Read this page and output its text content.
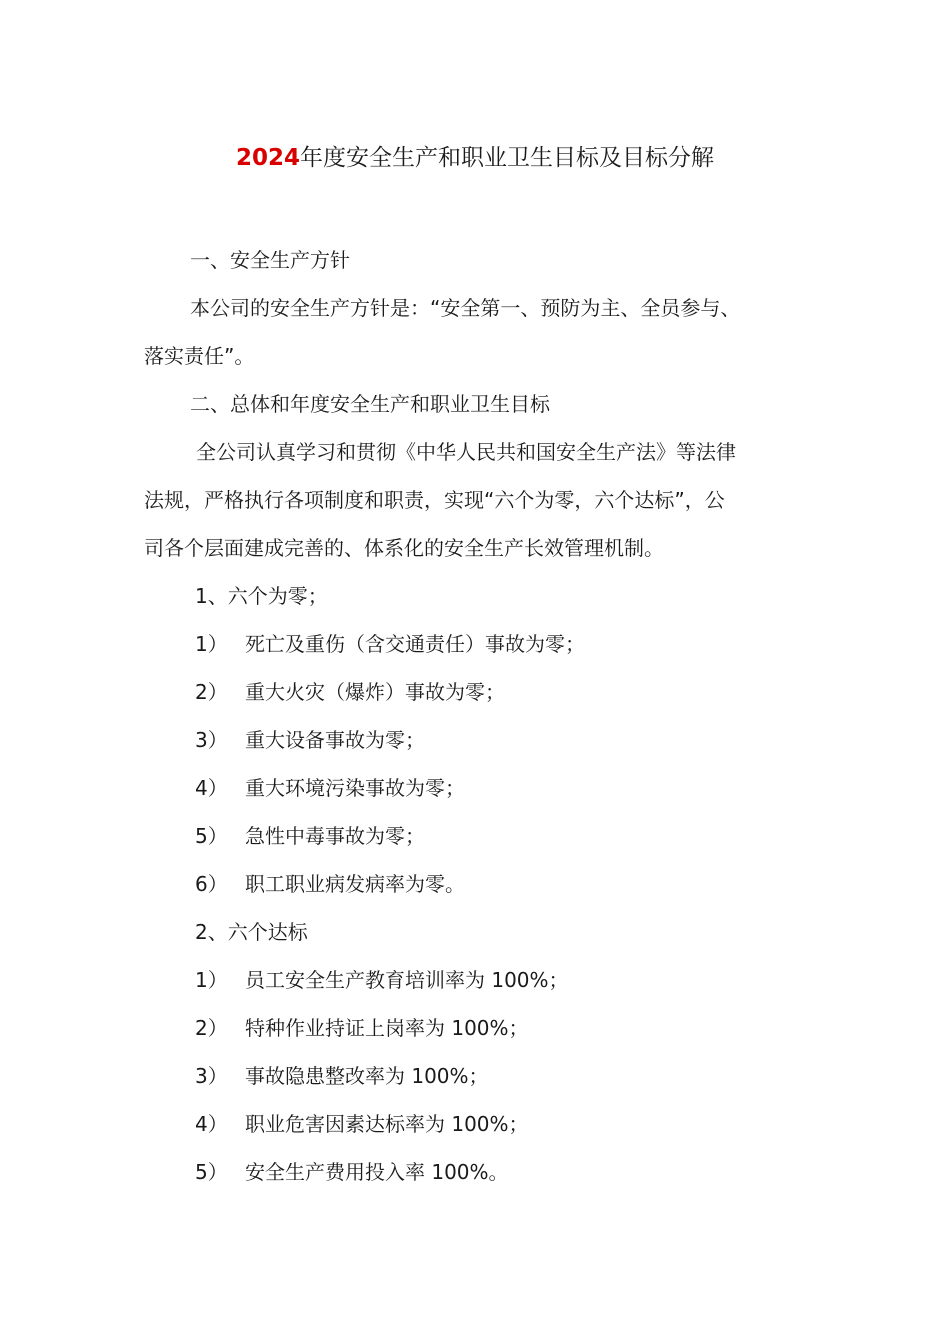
2024年度安全生产和职业卫生目标及目标分解
一、安全生产方针
本公司的安全生产方针是：“安全第一、预防为主、全员参与、
落实责任”。
二、总体和年度安全生产和职业卫生目标
全公司认真学习和贯彻《中华人民共和国安全生产法》等法律
法规，严格执行各项制度和职责，实现“六个为零，六个达标”，公
司各个层面建成完善的、体系化的安全生产长效管理机制。
1、六个为零；
1） 死亡及重伤（含交通责任）事故为零；
2） 重大火灾（爆炸）事故为零；
3） 重大设备事故为零；
4） 重大环境污染事故为零；
5） 急性中毒事故为零；
6） 职工职业病发病率为零。
2、六个达标
1） 员工安全生产教育培训率为 100%；
2） 特种作业持证上岗率为 100%；
3） 事故隐患整改率为 100%；
4） 职业危害因素达标率为 100%；
5） 安全生产费用投入率 100%。
